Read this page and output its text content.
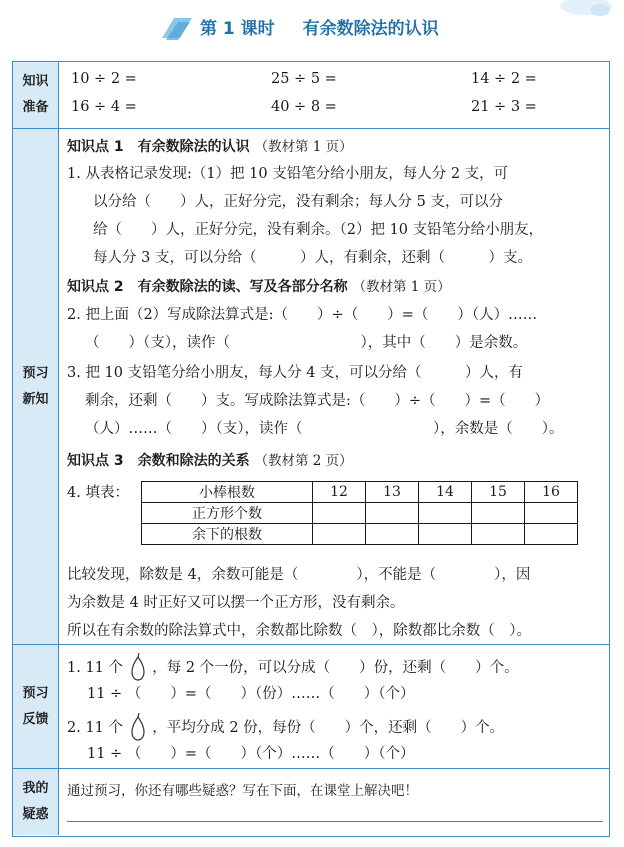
第 1 课时 有余数除法的认识
知识
准备
10 ÷ 2 =	25 ÷ 5 =	14 ÷ 2 =
16 ÷ 4 =	40 ÷ 8 =	21 ÷ 3 =
预习
新知
知识点 1　有余数除法的认识 （教材第 1 页）
1. 从表格记录发现:（1）把 10 支铅笔分给小朋友，每人分 2 支，可
以分给（　　）人，正好分完，没有剩余；每人分 5 支，可以分
给（　　）人，正好分完，没有剩余。（2）把 10 支铅笔分给小朋友，
每人分 3 支，可以分给（　　　）人，有剩余，还剩（　　　）支。
知识点 2　有余数除法的读、写及各部分名称 （教材第 1 页）
2. 把上面（2）写成除法算式是:（　　）÷（　　）=（　　）（人）……
（　　）（支），读作（　　　　　　　　　），其中（　　）是余数。
3. 把 10 支铅笔分给小朋友，每人分 4 支，可以分给（　　　）人，有
剩余，还剩（　　）支。写成除法算式是:（　　）÷（　　）=（　　）
（人）……（　　）（支），读作（　　　　　　　　　），余数是（　　）。
知识点 3　余数和除法的关系 （教材第 2 页）
4. 填表：	小棒根数	12	13	14	15	16
正方形个数					
余下的根数					
比较发现，除数是 4，余数可能是（　　　　），不能是（　　　　），因
为余数是 4 时正好又可以摆一个正方形，没有剩余。
所以在有余数的除法算式中，余数都比除数（　），除数都比余数（　）。
预习
反馈
1. 11 个 ，每 2 个一份，可以分成（　　）份，还剩（　　）个。
11 ÷ （　　）=（　　）（份）……（　　）（个）
2. 11 个 ，平均分成 2 份，每份（　　）个，还剩（　　）个。
11 ÷ （　　）=（　　）（个）……（　　）（个）
我的
疑惑
通过预习，你还有哪些疑惑？写在下面，在课堂上解决吧！
